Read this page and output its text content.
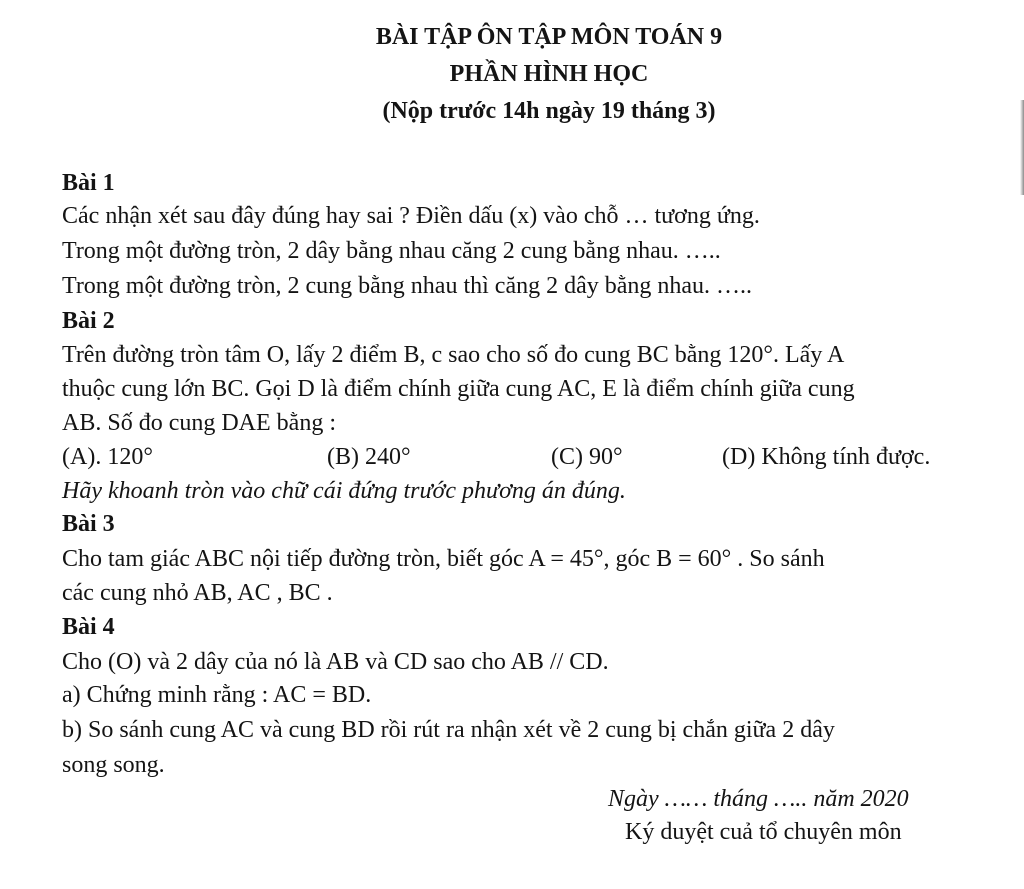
BÀI TẬP ÔN TẬP MÔN TOÁN 9
PHẦN HÌNH HỌC
(Nộp trước 14h ngày 19 tháng 3)
Bài 1
Các nhận xét sau đây đúng hay sai ? Điền dấu (x) vào chỗ … tương ứng.
Trong một đường tròn, 2 dây bằng nhau căng 2 cung bằng nhau. …..
Trong một đường tròn, 2 cung bằng nhau thì căng 2 dây bằng nhau. …..
Bài 2
Trên đường tròn tâm O, lấy 2 điểm B, c sao cho số đo cung BC bằng 120°. Lấy A
thuộc cung lớn BC. Gọi D là điểm chính giữa cung AC, E là điểm chính giữa cung
AB. Số đo cung DAE bằng :
(A). 120°	(B) 240°	(C) 90°	(D) Không tính được.
Hãy khoanh tròn vào chữ cái đứng trước phương án đúng.
Bài 3
Cho tam giác ABC nội tiếp đường tròn, biết góc A = 45°, góc B = 60° . So sánh
các cung nhỏ AB, AC , BC .
Bài 4
Cho (O) và 2 dây của nó là AB và CD sao cho AB // CD.
a) Chứng minh rằng : AC = BD.
b) So sánh cung AC và cung BD rồi rút ra nhận xét về 2 cung bị chắn giữa 2 dây
song song.
Ngày …… tháng ….. năm 2020
Ký duyệt cuả tổ chuyên môn
